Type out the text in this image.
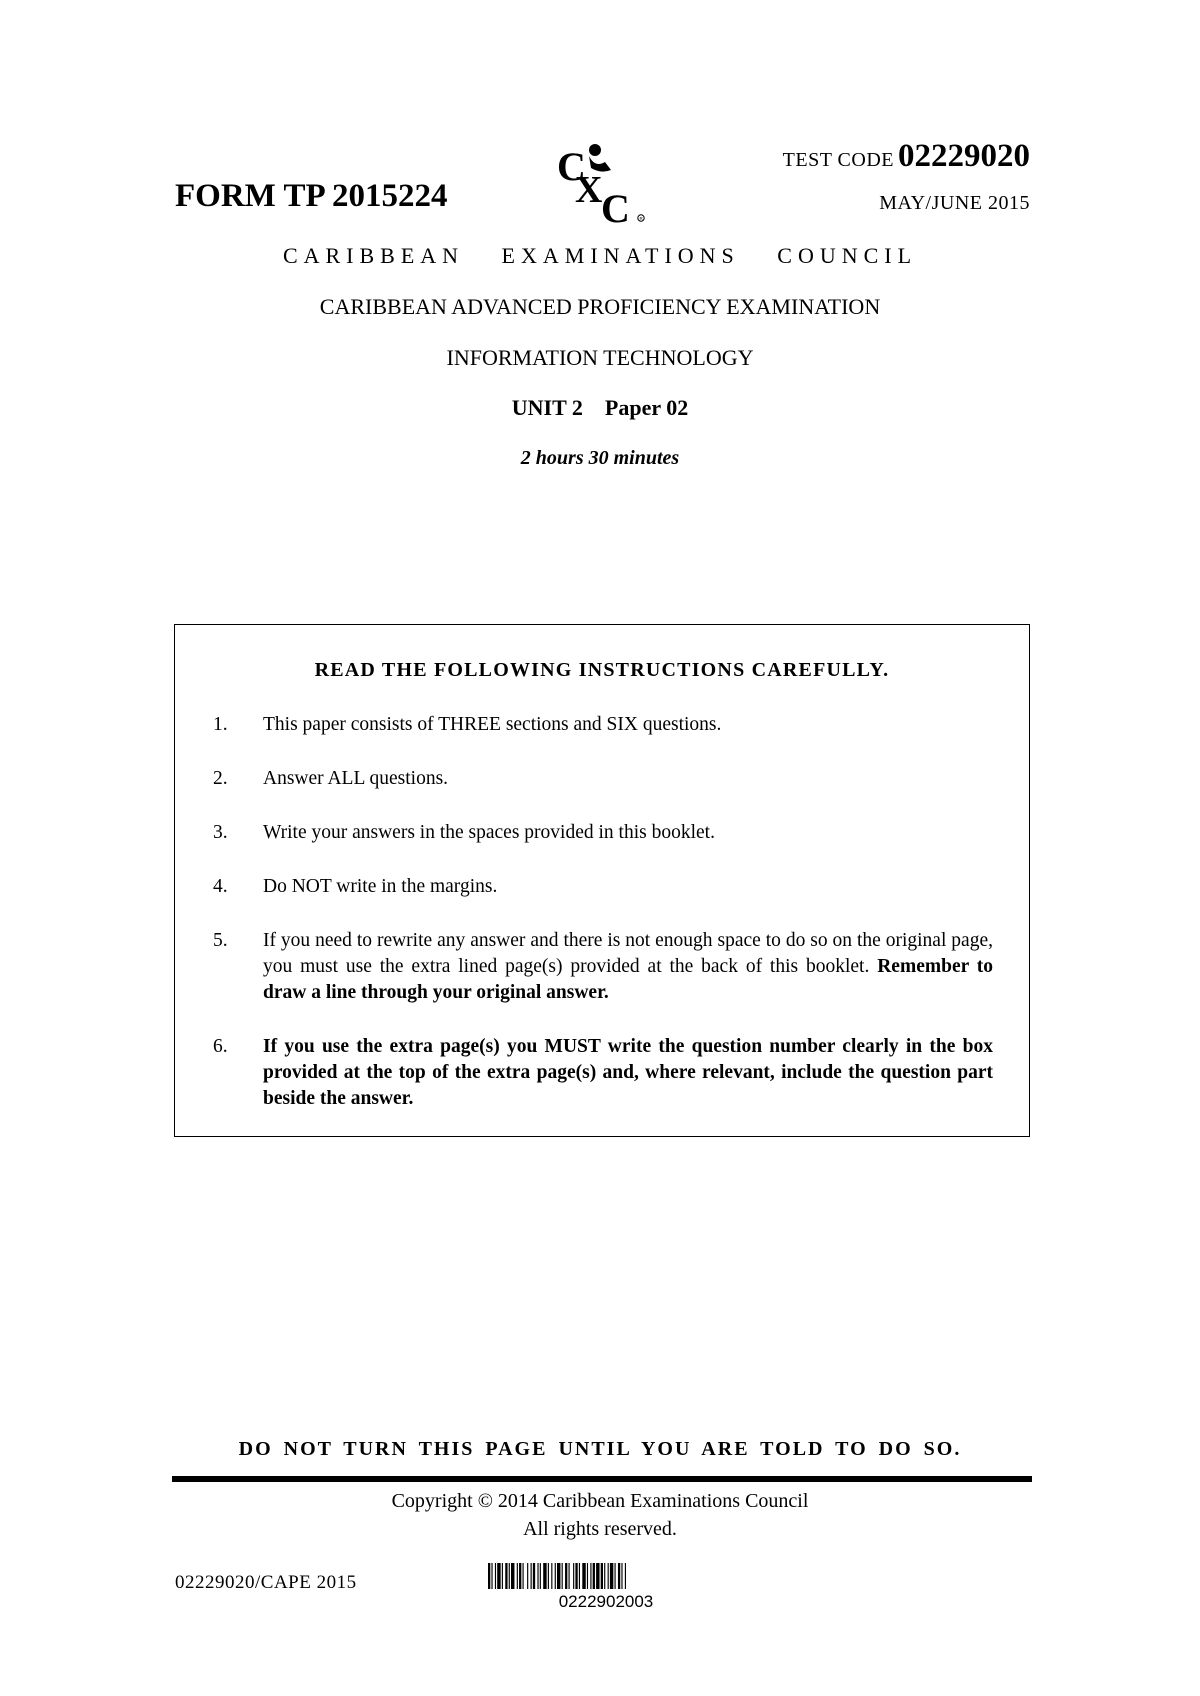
FORM TP 2015224
C
X
C R
TEST CODE 02229020
MAY/JUNE 2015
CARIBBEAN EXAMINATIONS COUNCIL
CARIBBEAN ADVANCED PROFICIENCY EXAMINATION
INFORMATION TECHNOLOGY
UNIT 2 Paper 02
2 hours 30 minutes
READ THE FOLLOWING INSTRUCTIONS CAREFULLY.
1.	This paper consists of THREE sections and SIX questions.
2.	Answer ALL questions.
3.	Write your answers in the spaces provided in this booklet.
4.	Do NOT write in the margins.
5.	If you need to rewrite any answer and there is not enough space to do so on the original page, you must use the extra lined page(s) provided at the back of this booklet. Remember to draw a line through your original answer.
6.	If you use the extra page(s) you MUST write the question number clearly in the box provided at the top of the extra page(s) and, where relevant, include the question part beside the answer.
DO NOT TURN THIS PAGE UNTIL YOU ARE TOLD TO DO SO.
Copyright © 2014 Caribbean Examinations Council
All rights reserved.
02229020/CAPE 2015
0222902003
